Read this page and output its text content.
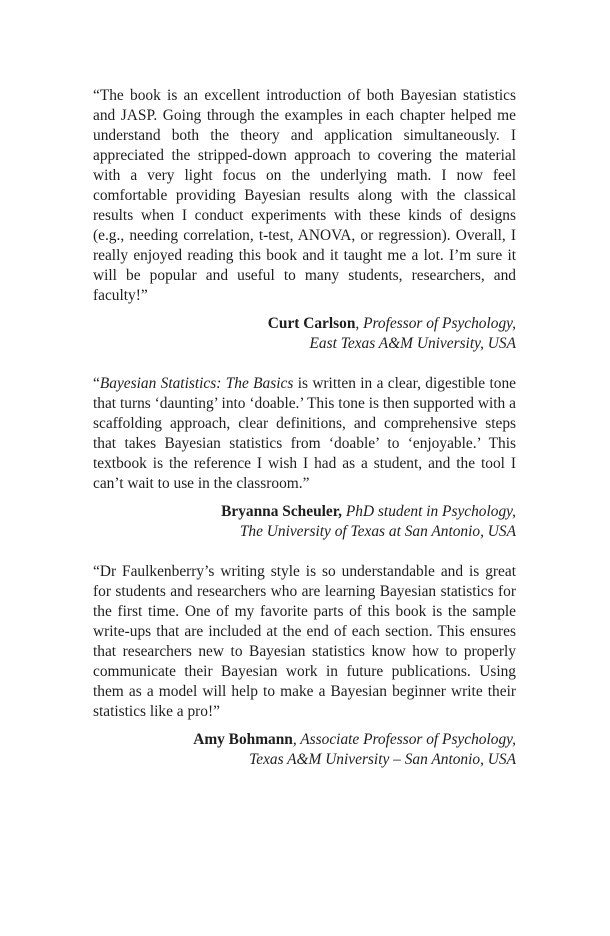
“The book is an excellent introduction of both Bayesian statistics and JASP. Going through the examples in each chapter helped me understand both the theory and application simultaneously. I appreciated the stripped-down approach to covering the material with a very light focus on the underlying math. I now feel comfortable providing Bayesian results along with the classical results when I conduct experiments with these kinds of designs (e.g., needing correlation, t-test, ANOVA, or regression). Overall, I really enjoyed reading this book and it taught me a lot. I’m sure it will be popular and useful to many students, researchers, and faculty!”

Curt Carlson, Professor of Psychology,
East Texas A&M University, USA

“Bayesian Statistics: The Basics is written in a clear, digestible tone that turns ‘daunting’ into ‘doable.’ This tone is then supported with a scaffolding approach, clear definitions, and comprehensive steps that takes Bayesian statistics from ‘doable’ to ‘enjoyable.’ This textbook is the reference I wish I had as a student, and the tool I can’t wait to use in the classroom.”

Bryanna Scheuler, PhD student in Psychology,
The University of Texas at San Antonio, USA

“Dr Faulkenberry’s writing style is so understandable and is great for students and researchers who are learning Bayesian statistics for the first time. One of my favorite parts of this book is the sample write-ups that are included at the end of each section. This ensures that researchers new to Bayesian statistics know how to properly communicate their Bayesian work in future publications. Using them as a model will help to make a Bayesian beginner write their statistics like a pro!”

Amy Bohmann, Associate Professor of Psychology,
Texas A&M University – San Antonio, USA
